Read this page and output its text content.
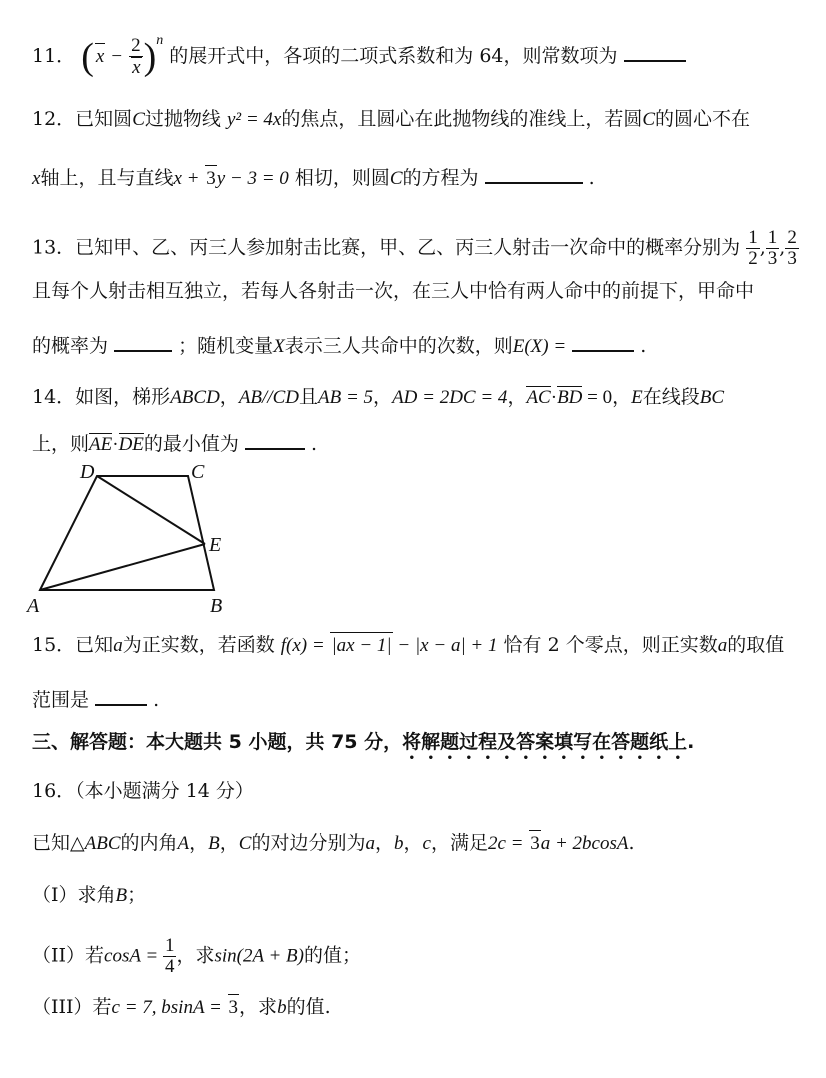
11． ( $x - \frac{2}{x} )^n$ 的展开式中，各项的二项式系数和为 64，则常数项为
12．已知圆C过抛物线 y² = 4x的焦点，且圆心在此抛物线的准线上，若圆C的圆心不在
x轴上，且与直线x + 3y − 3 = 0 相切，则圆C的方程为	.
13．已知甲、乙、丙三人参加射击比赛，甲、乙、丙三人射击一次命中的概率分别为 $\frac{1}{2}$ , $\frac{1}{3}$ , $\frac{2}{3}$
且每个人射击相互独立，若每人各射击一次，在三人中恰有两人命中的前提下，甲命中
的概率为	；随机变量X表示三人共命中的次数，则E(X) =	.
14．如图，梯形ABCD，AB//CD且AB = 5，AD = 2DC = 4，AC·BD = 0，E在线段BC
上，则AE·DE的最小值为	.
D	C
E
A	B
15．已知a为正实数，若函数 f(x) = |ax − 1| − |x − a| + 1 恰有 2 个零点，则正实数a的取值
范围是	.
三、解答题：本大题共 5 小题，共 75 分，将解题过程及答案填写在答题纸上.
16．（本小题满分 14 分）
已知△ABC的内角A，B，C的对边分别为a，b，c，满足2c = 3a + 2bcosA.
（I）求角B；
（II）若$\cos A = \frac{1}{4}$ ，求sin(2A + B)的值；
（III）若c = 7, bsinA = 3，求b的值.
